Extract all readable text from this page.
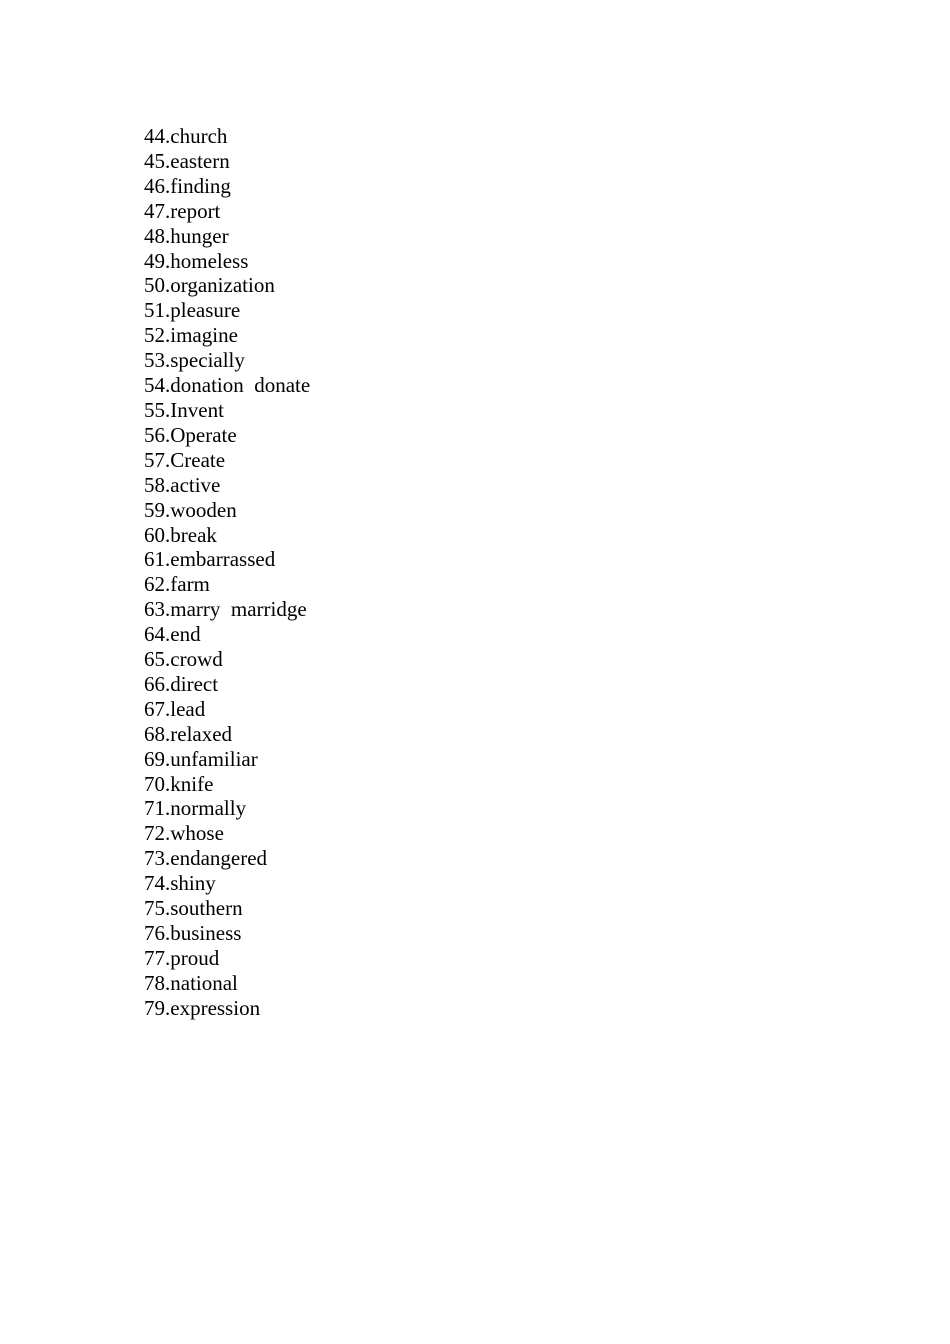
44.church
45.eastern
46.finding
47.report
48.hunger
49.homeless
50.organization
51.pleasure
52.imagine
53.specially
54.donation  donate
55.Invent
56.Operate
57.Create
58.active
59.wooden
60.break
61.embarrassed
62.farm
63.marry  marridge
64.end
65.crowd
66.direct
67.lead
68.relaxed
69.unfamiliar
70.knife
71.normally
72.whose
73.endangered
74.shiny
75.southern
76.business
77.proud
78.national
79.expression
